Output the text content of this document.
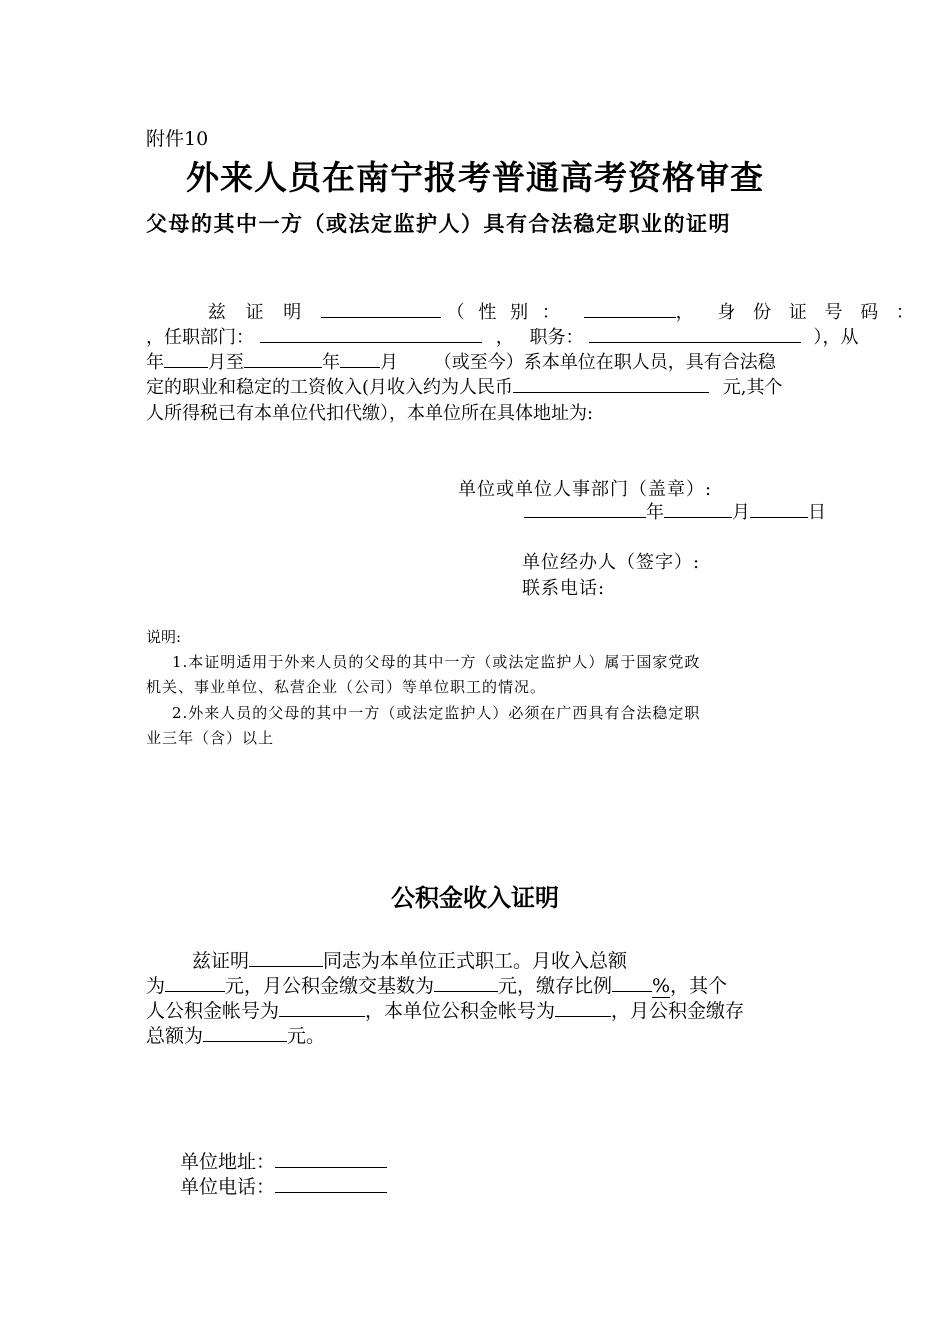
附件10
外来人员在南宁报考普通高考资格审查
父母的其中一方（或法定监护人）具有合法稳定职业的证明
兹 证 明	（ 性 别 ：	， 身 份 证 号 码 ：
，任职部门：	， 职务：	），从
年 月至	年 月 （或至今）系本单位在职人员，具有合法稳
定的职业和稳定的工资攸入(月收入约为人民币	元,其个
人所得税已有本单位代扣代缴），本单位所在具体地址为:
单位或单位人事部门（盖章）:
年	月	日
单位经办人（签字）:
联系电话:
说明:
1.本证明适用于外来人员的父母的其中一方（或法定监护人）属于国家党政
机关、事业单位、私营企业（公司）等单位职工的情况。
2.外来人员的父母的其中一方（或法定监护人）必须在广西具有合法稳定职
业三年（含）以上
公积金收入证明
兹证明	同志为本单位正式职工。月收入总额
为	元，月公积金缴交基数为	元，缴存比例 %，其个
人公积金帐号为	，本单位公积金帐号为	，月公积金缴存
总额为	元。
单位地址：
单位电话：
